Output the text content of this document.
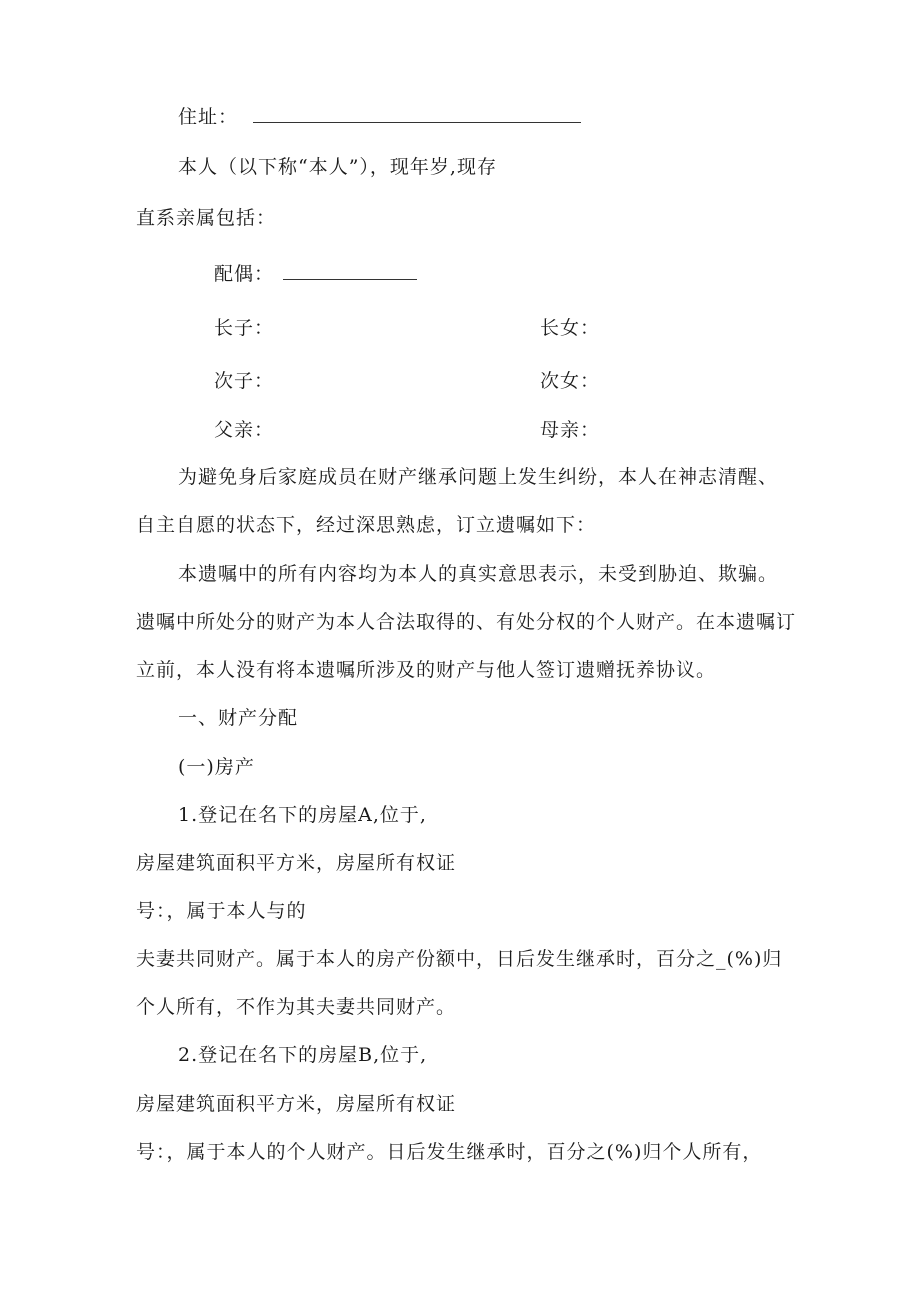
住址：
本人（以下称“本人”），现年岁,现存
直系亲属包括：
配偶：
长子：	长女：
次子：	次女：
父亲：	母亲：
为避免身后家庭成员在财产继承问题上发生纠纷，本人在神志清醒、
自主自愿的状态下，经过深思熟虑，订立遗嘱如下：
本遗嘱中的所有内容均为本人的真实意思表示，未受到胁迫、欺骗。
遗嘱中所处分的财产为本人合法取得的、有处分权的个人财产。在本遗嘱订
立前，本人没有将本遗嘱所涉及的财产与他人签订遗赠抚养协议。
一、财产分配
(一)房产
1.登记在名下的房屋A,位于,
房屋建筑面积平方米，房屋所有权证
号：，属于本人与的
夫妻共同财产。属于本人的房产份额中，日后发生继承时，百分之_(%)归
个人所有，不作为其夫妻共同财产。
2.登记在名下的房屋B,位于,
房屋建筑面积平方米，房屋所有权证
号：，属于本人的个人财产。日后发生继承时，百分之(%)归个人所有，
